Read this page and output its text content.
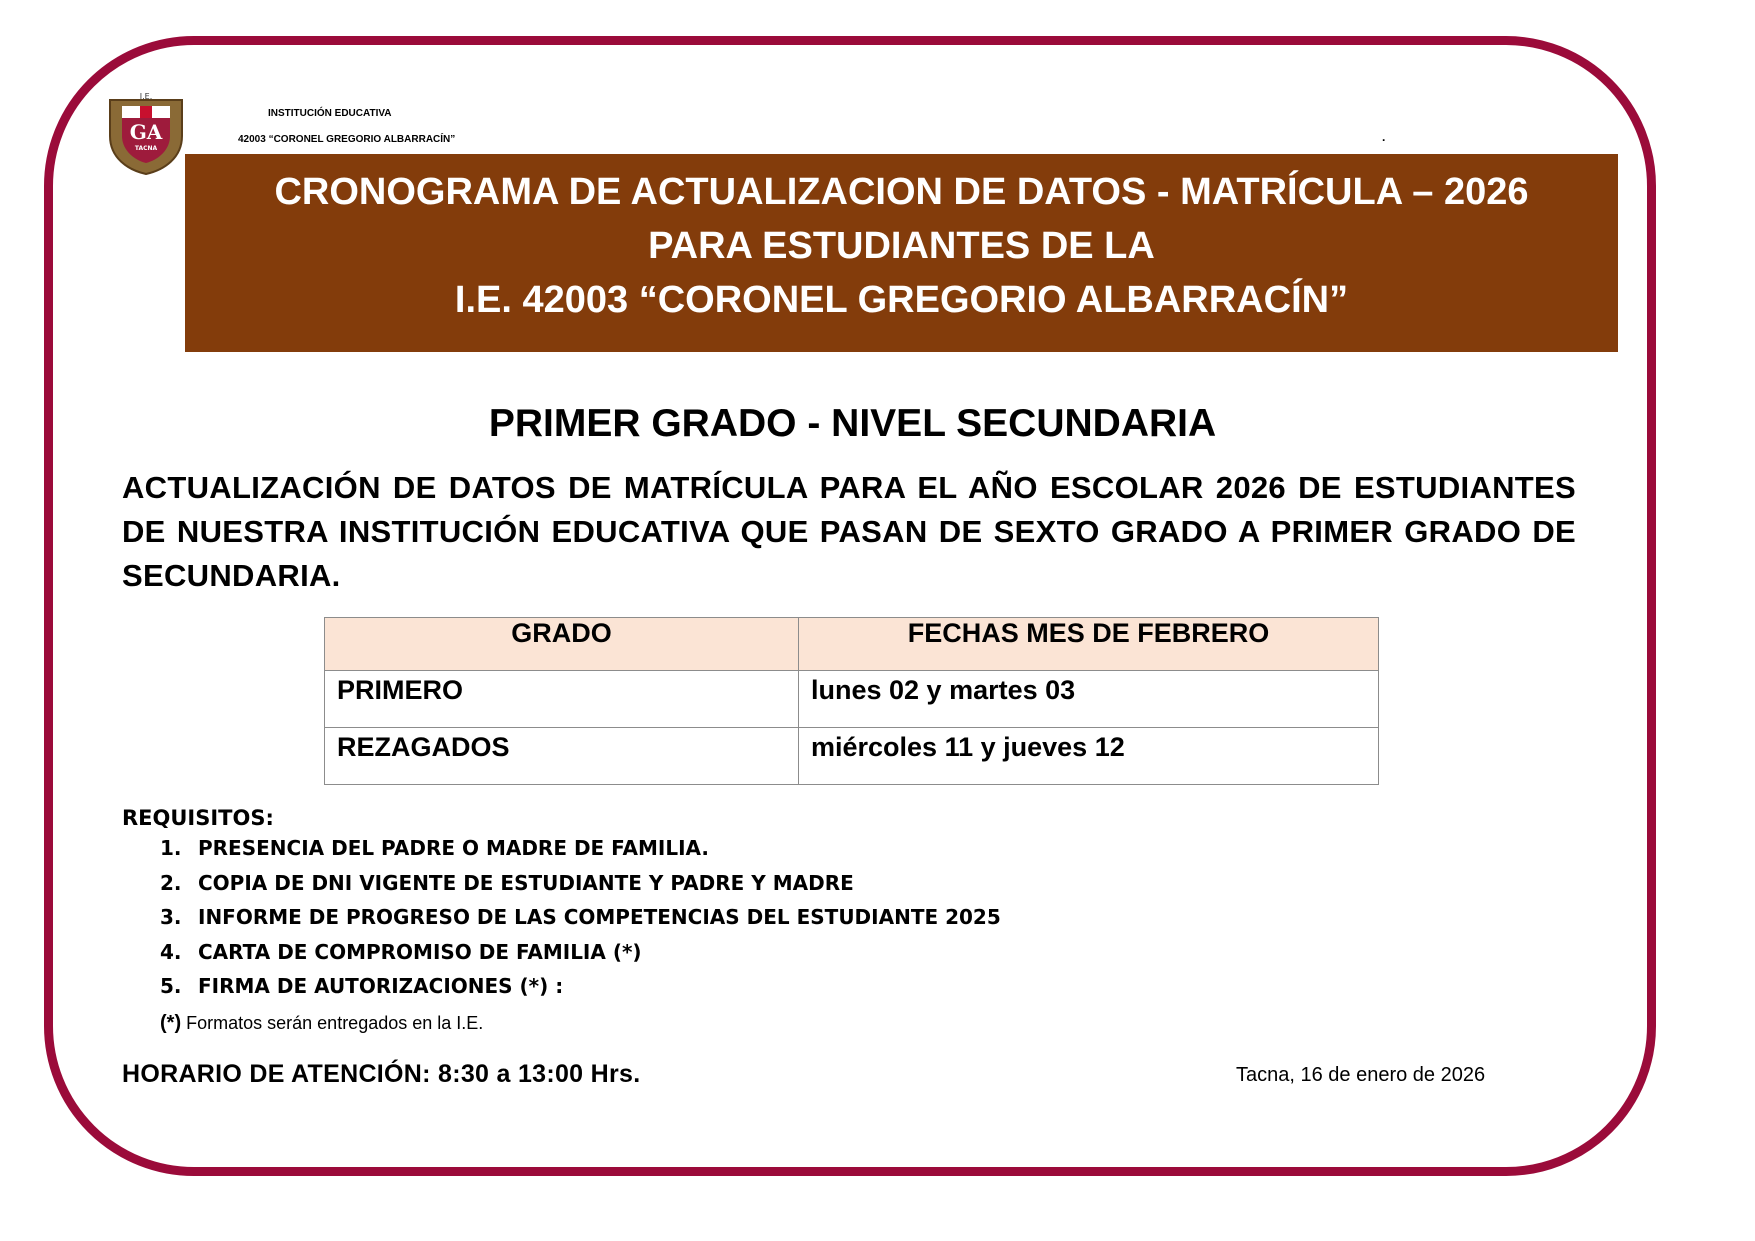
I.E.
GA
TACNA
INSTITUCIÓN EDUCATIVA
42003 “CORONEL GREGORIO ALBARRACÍN”	.
CRONOGRAMA DE ACTUALIZACION DE DATOS - MATRÍCULA – 2026
PARA ESTUDIANTES DE LA
I.E. 42003 “CORONEL GREGORIO ALBARRACÍN”
PRIMER GRADO - NIVEL SECUNDARIA
ACTUALIZACIÓN DE DATOS DE MATRÍCULA PARA EL AÑO ESCOLAR 2026 DE ESTUDIANTES DE NUESTRA INSTITUCIÓN EDUCATIVA QUE PASAN DE SEXTO GRADO A PRIMER GRADO DE SECUNDARIA.
GRADO	FECHAS MES DE FEBRERO
PRIMERO	lunes 02 y martes 03
REZAGADOS	miércoles 11 y jueves 12
REQUISITOS:
1. PRESENCIA DEL PADRE O MADRE DE FAMILIA.
2. COPIA DE DNI VIGENTE DE ESTUDIANTE Y PADRE Y MADRE
3. INFORME DE PROGRESO DE LAS COMPETENCIAS DEL ESTUDIANTE 2025
4. CARTA DE COMPROMISO DE FAMILIA (*)
5. FIRMA DE AUTORIZACIONES (*) :
(*) Formatos serán entregados en la I.E.
HORARIO DE ATENCIÓN: 8:30 a 13:00 Hrs.	Tacna, 16 de enero de 2026
